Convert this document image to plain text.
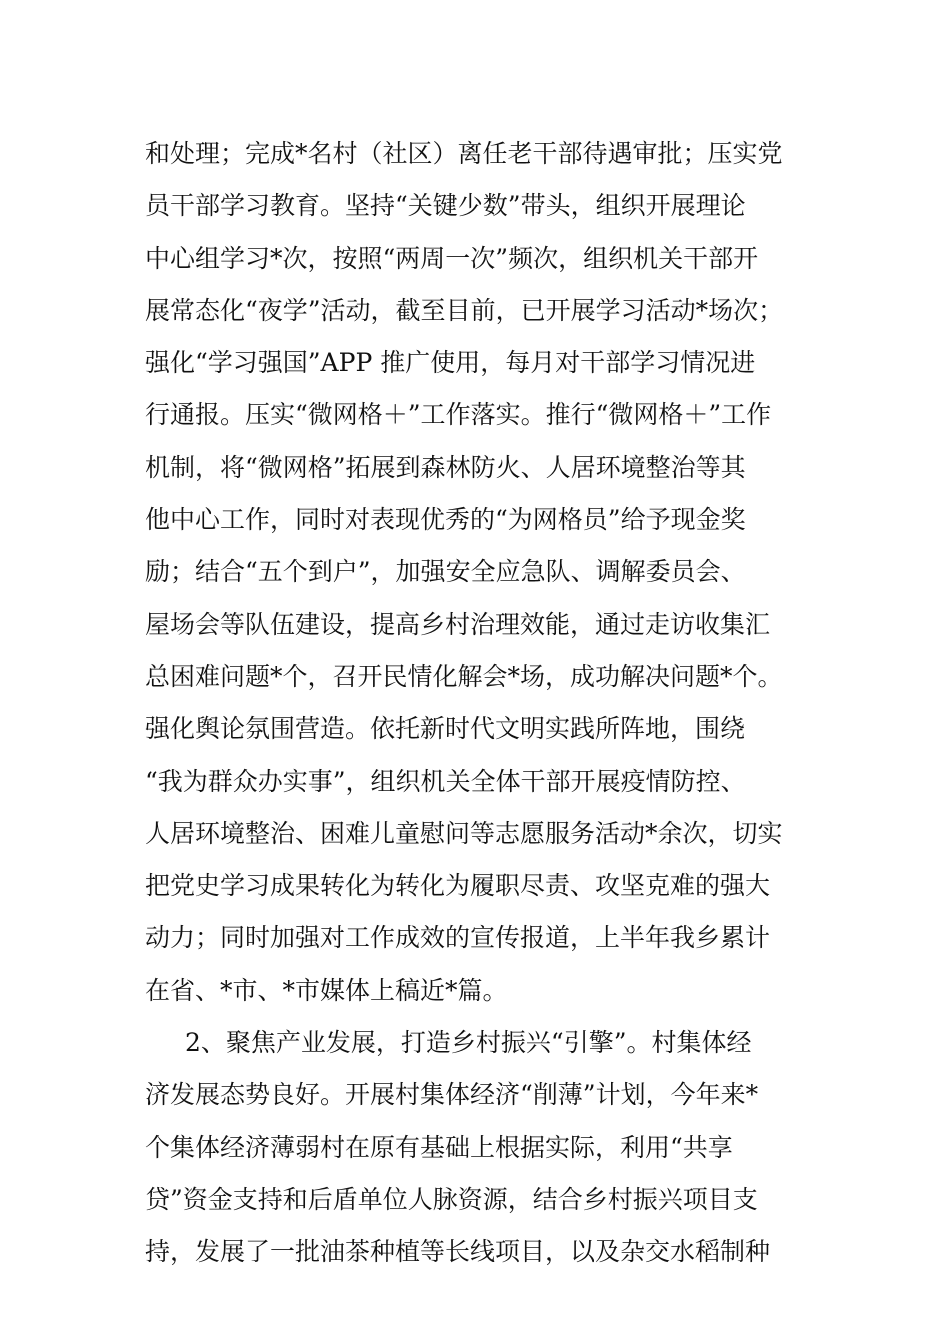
和处理；完成*名村（社区）离任老干部待遇审批；压实党
员干部学习教育。坚持“关键少数”带头，组织开展理论
中心组学习*次，按照“两周一次”频次，组织机关干部开
展常态化“夜学”活动，截至目前，已开展学习活动*场次；
强化“学习强国”APP 推广使用，每月对干部学习情况进
行通报。压实“微网格＋”工作落实。推行“微网格＋”工作
机制，将“微网格”拓展到森林防火、人居环境整治等其
他中心工作，同时对表现优秀的“为网格员”给予现金奖
励；结合“五个到户”，加强安全应急队、调解委员会、
屋场会等队伍建设，提高乡村治理效能，通过走访收集汇
总困难问题*个，召开民情化解会*场，成功解决问题*个。
强化舆论氛围营造。依托新时代文明实践所阵地，围绕
“我为群众办实事”，组织机关全体干部开展疫情防控、
人居环境整治、困难儿童慰问等志愿服务活动*余次，切实
把党史学习成果转化为转化为履职尽责、攻坚克难的强大
动力；同时加强对工作成效的宣传报道，上半年我乡累计
在省、*市、*市媒体上稿近*篇。
2、聚焦产业发展，打造乡村振兴“引擎”。村集体经
济发展态势良好。开展村集体经济“削薄”计划，今年来*
个集体经济薄弱村在原有基础上根据实际，利用“共享
贷”资金支持和后盾单位人脉资源，结合乡村振兴项目支
持，发展了一批油茶种植等长线项目，以及杂交水稻制种
